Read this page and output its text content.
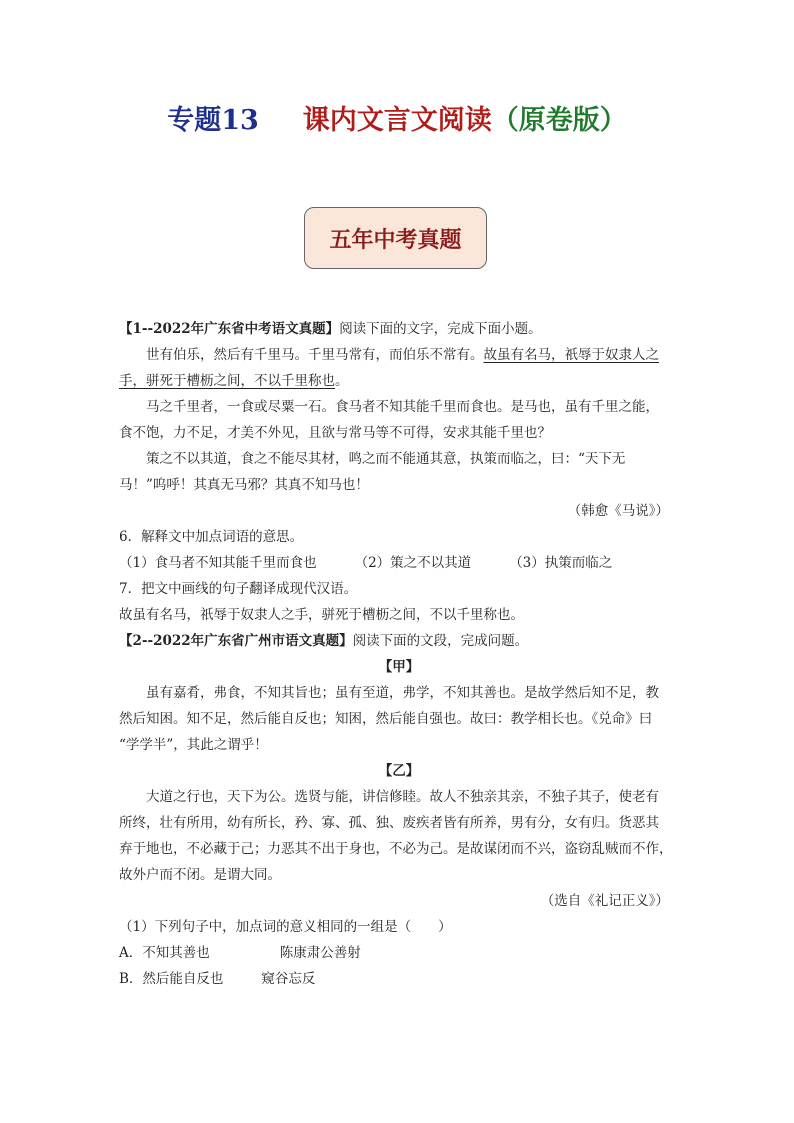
专题13 课内文言文阅读（原卷版）
五年中考真题
【1--2022年广东省中考语文真题】阅读下面的文字，完成下面小题。
世有伯乐，然后有千里马。千里马常有，而伯乐不常有。故虽有名马，祇辱于奴隶人之
手，骈死于槽枥之间，不以千里称也。
马之千里者，一食或尽粟一石。食马者不知其能千里而食也。是马也，虽有千里之能，
食不饱，力不足，才美不外见，且欲与常马等不可得，安求其能千里也？
策之不以其道，食之不能尽其材，鸣之而不能通其意，执策而临之，曰：“天下无
马！”呜呼！其真无马邪？其真不知马也！
（韩愈《马说》）
6．解释文中加点词语的意思。
（1）食马者不知其能千里而食也	（2）策之不以其道	（3）执策而临之
7．把文中画线的句子翻译成现代汉语。
故虽有名马，祇辱于奴隶人之手，骈死于槽枥之间，不以千里称也。
【2--2022年广东省广州市语文真题】阅读下面的文段，完成问题。
【甲】
虽有嘉肴，弗食，不知其旨也；虽有至道，弗学，不知其善也。是故学然后知不足，教
然后知困。知不足，然后能自反也；知困，然后能自强也。故曰：教学相长也。《兑命》曰
“学学半”，其此之谓乎！
【乙】
大道之行也，天下为公。选贤与能，讲信修睦。故人不独亲其亲，不独子其子，使老有
所终，壮有所用，幼有所长，矜、寡、孤、独、废疾者皆有所养，男有分，女有归。货恶其
弃于地也，不必藏于己；力恶其不出于身也，不必为己。是故谋闭而不兴，盗窃乱贼而不作，
故外户而不闭。是谓大同。
（选自《礼记正义》）
（1）下列句子中，加点词的意义相同的一组是（　　）
A．不知其善也	陈康肃公善射
B．然后能自反也	窥谷忘反
